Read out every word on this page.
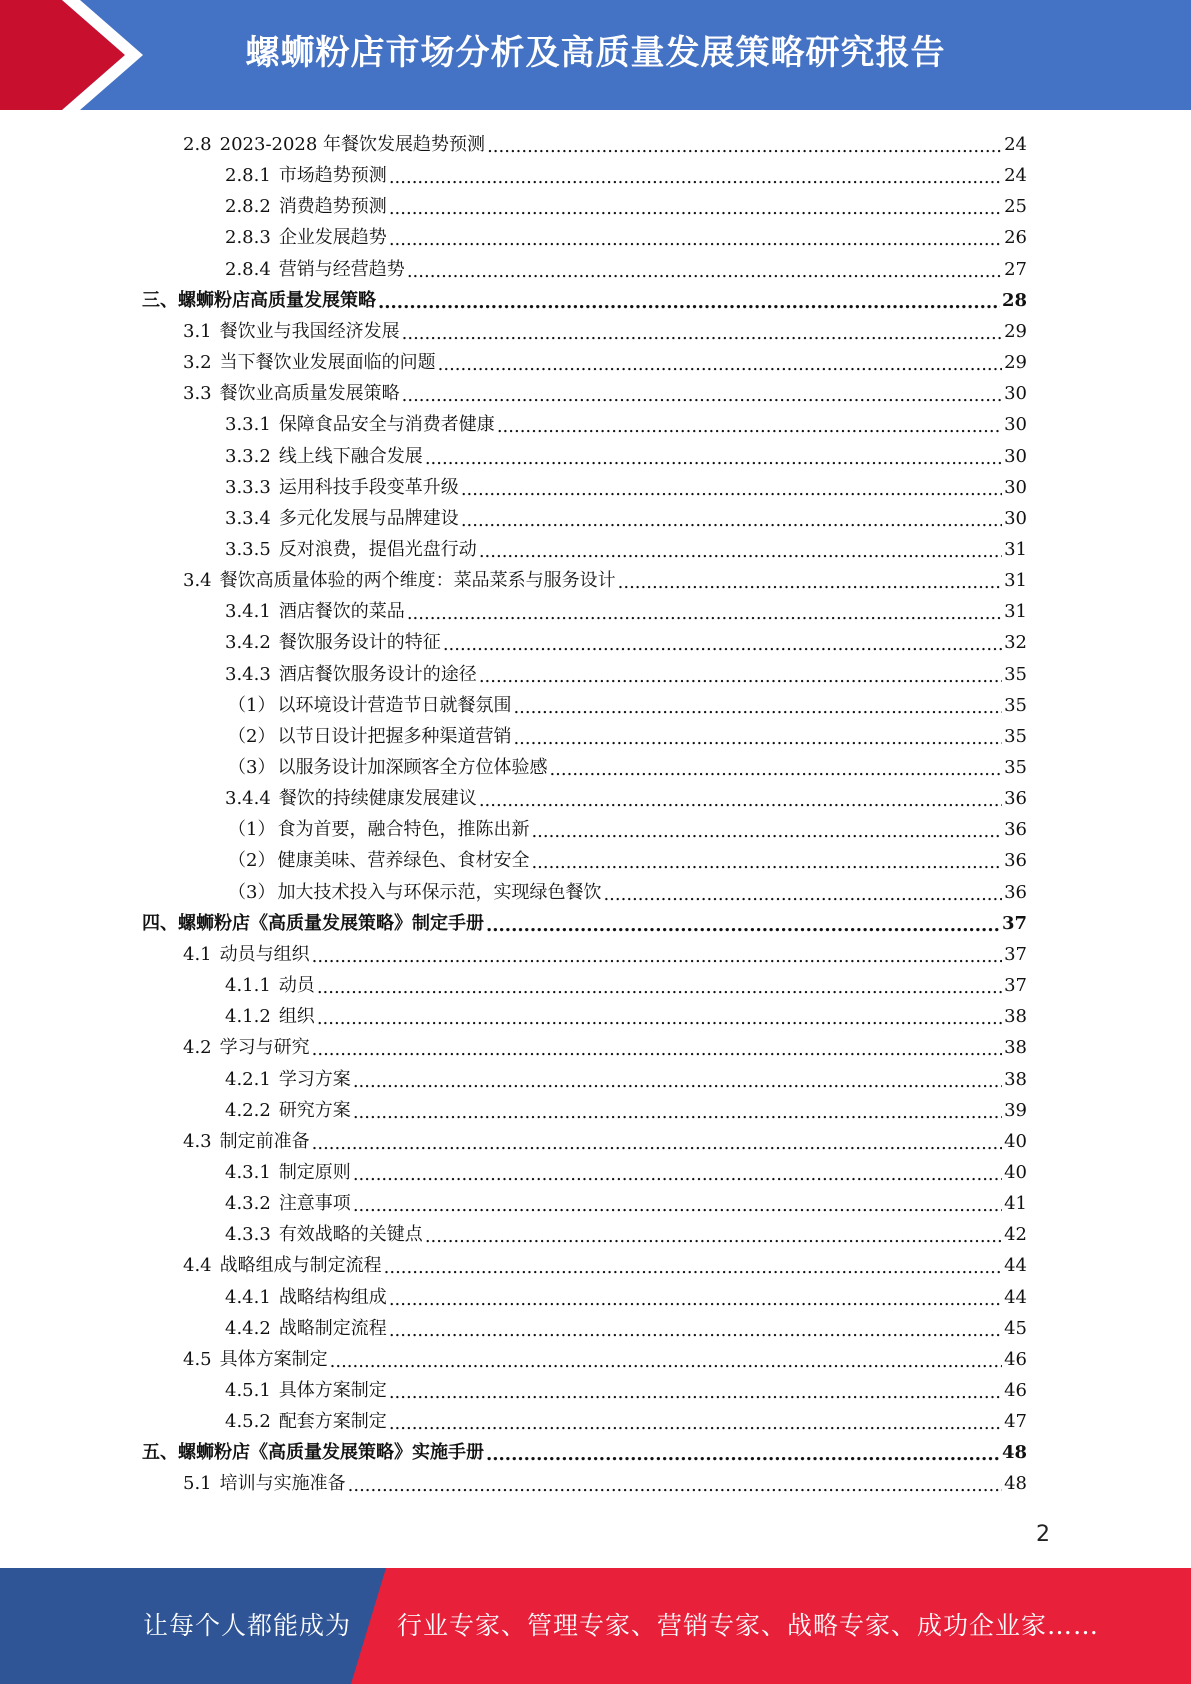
螺蛳粉店市场分析及高质量发展策略研究报告
2.8 2023-2028 年餐饮发展趋势预测 .....	24
2.8.1 市场趋势预测 .....	24
2.8.2 消费趋势预测 .....	25
2.8.3 企业发展趋势 .....	26
2.8.4 营销与经营趋势 .....	27
三、 螺蛳粉店高质量发展策略 .....	28
3.1 餐饮业与我国经济发展 .....	29
3.2 当下餐饮业发展面临的问题 .....	29
3.3 餐饮业高质量发展策略 .....	30
3.3.1 保障食品安全与消费者健康 .....	30
3.3.2 线上线下融合发展 .....	30
3.3.3 运用科技手段变革升级 .....	30
3.3.4 多元化发展与品牌建设 .....	30
3.3.5 反对浪费，提倡光盘行动 .....	31
3.4 餐饮高质量体验的两个维度：菜品菜系与服务设计 .....	31
3.4.1 酒店餐饮的菜品 .....	31
3.4.2 餐饮服务设计的特征 .....	32
3.4.3 酒店餐饮服务设计的途径 .....	35
（1） 以环境设计营造节日就餐氛围 .....	35
（2） 以节日设计把握多种渠道营销 .....	35
（3） 以服务设计加深顾客全方位体验感 .....	35
3.4.4 餐饮的持续健康发展建议 .....	36
（1） 食为首要，融合特色，推陈出新 .....	36
（2） 健康美味、营养绿色、食材安全 .....	36
（3） 加大技术投入与环保示范，实现绿色餐饮 .....	36
四、 螺蛳粉店《高质量发展策略》制定手册 .....	37
4.1 动员与组织 .....	37
4.1.1 动员 .....	37
4.1.2 组织 .....	38
4.2 学习与研究 .....	38
4.2.1 学习方案 .....	38
4.2.2 研究方案 .....	39
4.3 制定前准备 .....	40
4.3.1 制定原则 .....	40
4.3.2 注意事项 .....	41
4.3.3 有效战略的关键点 .....	42
4.4 战略组成与制定流程 .....	44
4.4.1 战略结构组成 .....	44
4.4.2 战略制定流程 .....	45
4.5 具体方案制定 .....	46
4.5.1 具体方案制定 .....	46
4.5.2 配套方案制定 .....	47
五、 螺蛳粉店《高质量发展策略》实施手册 .....	48
5.1 培训与实施准备 .....	48
2
让每个人都能成为 行业专家、管理专家、营销专家、战略专家、成功企业家……
